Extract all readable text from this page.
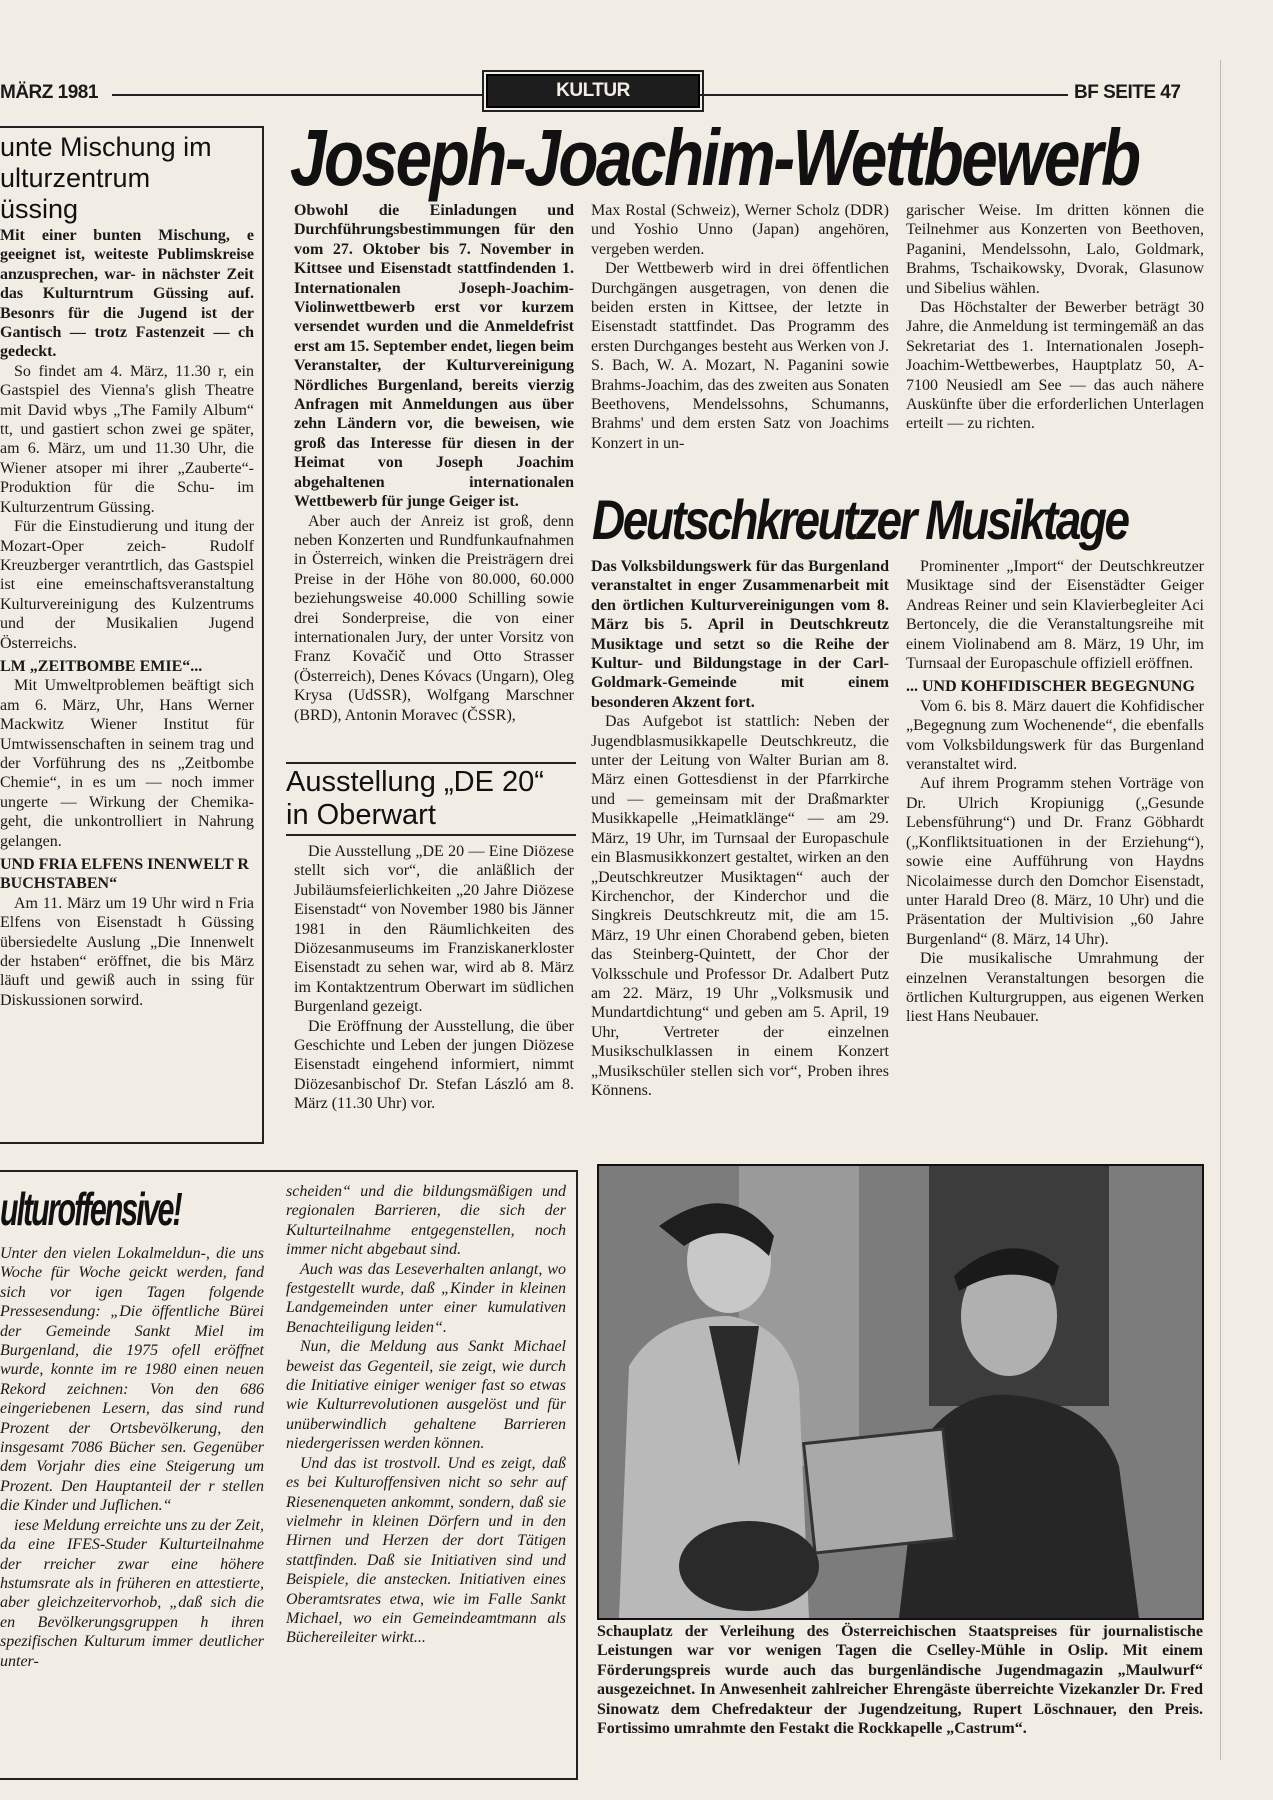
MÄRZ 1981	KULTUR	BF SEITE 47
unte Mischung im
ulturzentrum
üssing

Mit einer bunten Mischung, e geeignet ist, weiteste Publimskreise anzusprechen, war- in nächster Zeit das Kulturntrum Güssing auf. Besonrs für die Jugend ist der Gantisch — trotz Fastenzeit — ch gedeckt.

So findet am 4. März, 11.30 r, ein Gastspiel des Vienna's glish Theatre mit David wbys „The Family Album“ tt, und gastiert schon zwei ge später, am 6. März, um und 11.30 Uhr, die Wiener atsoper mi ihrer „Zauberte“-Produktion für die Schu- im Kulturzentrum Güssing.

Für die Einstudierung und itung der Mozart-Oper zeich- Rudolf Kreuzberger verantrtlich, das Gastspiel ist eine emeinschaftsveranstaltung Kulturvereinigung des Kulzentrums und der Musikalien Jugend Österreichs.

LM „ZEITBOMBE EMIE“...

Mit Umweltproblemen beäftigt sich am 6. März, Uhr, Hans Werner Mackwitz Wiener Institut für Umtwissenschaften in seinem trag und der Vorführung des ns „Zeitbombe Chemie“, in es um — noch immer ungerte — Wirkung der Chemika- geht, die unkontrolliert in Nahrung gelangen.

UND FRIA ELFENS INENWELT R BUCHSTABEN“

Am 11. März um 19 Uhr wird n Fria Elfens von Eisenstadt h Güssing übersiedelte Auslung „Die Innenwelt der hstaben“ eröffnet, die bis März läuft und gewiß auch in ssing für Diskussionen sorwird.

Joseph-Joachim-Wettbewerb

Obwohl die Einladungen und Durchführungsbestimmungen für den vom 27. Oktober bis 7. November in Kittsee und Eisenstadt stattfindenden 1. Internationalen Joseph-Joachim-Violinwettbewerb erst vor kurzem versendet wurden und die Anmeldefrist erst am 15. September endet, liegen beim Veranstalter, der Kulturvereinigung Nördliches Burgenland, bereits vierzig Anfragen mit Anmeldungen aus über zehn Ländern vor, die beweisen, wie groß das Interesse für diesen in der Heimat von Joseph Joachim abgehaltenen internationalen Wettbewerb für junge Geiger ist.

Aber auch der Anreiz ist groß, denn neben Konzerten und Rundfunkaufnahmen in Österreich, winken die Preisträgern drei Preise in der Höhe von 80.000, 60.000 beziehungsweise 40.000 Schilling sowie drei Sonderpreise, die von einer internationalen Jury, der unter Vorsitz von Franz Kovačič und Otto Strasser (Österreich), Denes Kóvacs (Ungarn), Oleg Krysa (UdSSR), Wolfgang Marschner (BRD), Antonin Moravec (ČSSR),

Max Rostal (Schweiz), Werner Scholz (DDR) und Yoshio Unno (Japan) angehören, vergeben werden.

Der Wettbewerb wird in drei öffentlichen Durchgängen ausgetragen, von denen die beiden ersten in Kittsee, der letzte in Eisenstadt stattfindet. Das Programm des ersten Durchganges besteht aus Werken von J. S. Bach, W. A. Mozart, N. Paganini sowie Brahms-Joachim, das des zweiten aus Sonaten Beethovens, Mendelssohns, Schumanns, Brahms' und dem ersten Satz von Joachims Konzert in un-

garischer Weise. Im dritten können die Teilnehmer aus Konzerten von Beethoven, Paganini, Mendelssohn, Lalo, Goldmark, Brahms, Tschaikowsky, Dvorak, Glasunow und Sibelius wählen.

Das Höchstalter der Bewerber beträgt 30 Jahre, die Anmeldung ist termingemäß an das Sekretariat des 1. Internationalen Joseph-Joachim-Wettbewerbes, Hauptplatz 50, A-7100 Neusiedl am See — das auch nähere Auskünfte über die erforderlichen Unterlagen erteilt — zu richten.

Ausstellung „DE 20“
in Oberwart

Die Ausstellung „DE 20 — Eine Diözese stellt sich vor“, die anläßlich der Jubiläumsfeierlichkeiten „20 Jahre Diözese Eisenstadt“ von November 1980 bis Jänner 1981 in den Räumlichkeiten des Diözesanmuseums im Franziskanerkloster Eisenstadt zu sehen war, wird ab 8. März im Kontaktzentrum Oberwart im südlichen Burgenland gezeigt.

Die Eröffnung der Ausstellung, die über Geschichte und Leben der jungen Diözese Eisenstadt eingehend informiert, nimmt Diözesanbischof Dr. Stefan László am 8. März (11.30 Uhr) vor.

Deutschkreutzer Musiktage

Das Volksbildungswerk für das Burgenland veranstaltet in enger Zusammenarbeit mit den örtlichen Kulturvereinigungen vom 8. März bis 5. April in Deutschkreutz Musiktage und setzt so die Reihe der Kultur- und Bildungstage in der Carl-Goldmark-Gemeinde mit einem besonderen Akzent fort.

Das Aufgebot ist stattlich: Neben der Jugendblasmusikkapelle Deutschkreutz, die unter der Leitung von Walter Burian am 8. März einen Gottesdienst in der Pfarrkirche und — gemeinsam mit der Draßmarkter Musikkapelle „Heimatklänge“ — am 29. März, 19 Uhr, im Turnsaal der Europaschule ein Blasmusikkonzert gestaltet, wirken an den „Deutschkreutzer Musiktagen“ auch der Kirchenchor, der Kinderchor und die Singkreis Deutschkreutz mit, die am 15. März, 19 Uhr einen Chorabend geben, bieten das Steinberg-Quintett, der Chor der Volksschule und Professor Dr. Adalbert Putz am 22. März, 19 Uhr „Volksmusik und Mundartdichtung“ und geben am 5. April, 19 Uhr, Vertreter der einzelnen Musikschulklassen in einem Konzert „Musikschüler stellen sich vor“, Proben ihres Könnens.

Prominenter „Import“ der Deutschkreutzer Musiktage sind der Eisenstädter Geiger Andreas Reiner und sein Klavierbegleiter Aci Bertoncely, die die Veranstaltungsreihe mit einem Violinabend am 8. März, 19 Uhr, im Turnsaal der Europaschule offiziell eröffnen.

... UND KOHFIDISCHER BEGEGNUNG

Vom 6. bis 8. März dauert die Kohfidischer „Begegnung zum Wochenende“, die ebenfalls vom Volksbildungswerk für das Burgenland veranstaltet wird.

Auf ihrem Programm stehen Vorträge von Dr. Ulrich Kropiunigg („Gesunde Lebensführung“) und Dr. Franz Göbhardt („Konfliktsituationen in der Erziehung“), sowie eine Aufführung von Haydns Nicolaimesse durch den Domchor Eisenstadt, unter Harald Dreo (8. März, 10 Uhr) und die Präsentation der Multivision „60 Jahre Burgenland“ (8. März, 14 Uhr).

Die musikalische Umrahmung der einzelnen Veranstaltungen besorgen die örtlichen Kulturgruppen, aus eigenen Werken liest Hans Neubauer.

ulturoffensive!

Unter den vielen Lokalmeldun-, die uns Woche für Woche geickt werden, fand sich vor igen Tagen folgende Pressesendung: „Die öffentliche Bürei der Gemeinde Sankt Miel im Burgenland, die 1975 ofell eröffnet wurde, konnte im re 1980 einen neuen Rekord zeichnen: Von den 686 eingeriebenen Lesern, das sind rund Prozent der Ortsbevölkerung, den insgesamt 7086 Bücher sen. Gegenüber dem Vorjahr dies eine Steigerung um Prozent. Den Hauptanteil der r stellen die Kinder und Juflichen.“

iese Meldung erreichte uns zu der Zeit, da eine IFES-Studer Kulturteilnahme der rreicher zwar eine höhere hstumsrate als in früheren en attestierte, aber gleichzeitervorhob, „daß sich die en Bevölkerungsgruppen h ihren spezifischen Kulturum immer deutlicher unter-

scheiden“ und die bildungsmäßigen und regionalen Barrieren, die sich der Kulturteilnahme entgegenstellen, noch immer nicht abgebaut sind.

Auch was das Leseverhalten anlangt, wo festgestellt wurde, daß „Kinder in kleinen Landgemeinden unter einer kumulativen Benachteiligung leiden“.

Nun, die Meldung aus Sankt Michael beweist das Gegenteil, sie zeigt, wie durch die Initiative einiger weniger fast so etwas wie Kulturrevolutionen ausgelöst und für unüberwindlich gehaltene Barrieren niedergerissen werden können.

Und das ist trostvoll. Und es zeigt, daß es bei Kulturoffensiven nicht so sehr auf Riesenenqueten ankommt, sondern, daß sie vielmehr in kleinen Dörfern und in den Hirnen und Herzen der dort Tätigen stattfinden. Daß sie Initiativen sind und Beispiele, die anstecken. Initiativen eines Oberamtsrates etwa, wie im Falle Sankt Michael, wo ein Gemeindeamtmann als Büchereileiter wirkt...	Schauplatz der Verleihung des Österreichischen Staatspreises für journalistische Leistungen war vor wenigen Tagen die Cselley-Mühle in Oslip. Mit einem Förderungspreis wurde auch das burgenländische Jugendmagazin „Maulwurf“ ausgezeichnet. In Anwesenheit zahlreicher Ehrengäste überreichte Vizekanzler Dr. Fred Sinowatz dem Chefredakteur der Jugendzeitung, Rupert Löschnauer, den Preis. Fortissimo umrahmte den Festakt die Rockkapelle „Castrum“.
